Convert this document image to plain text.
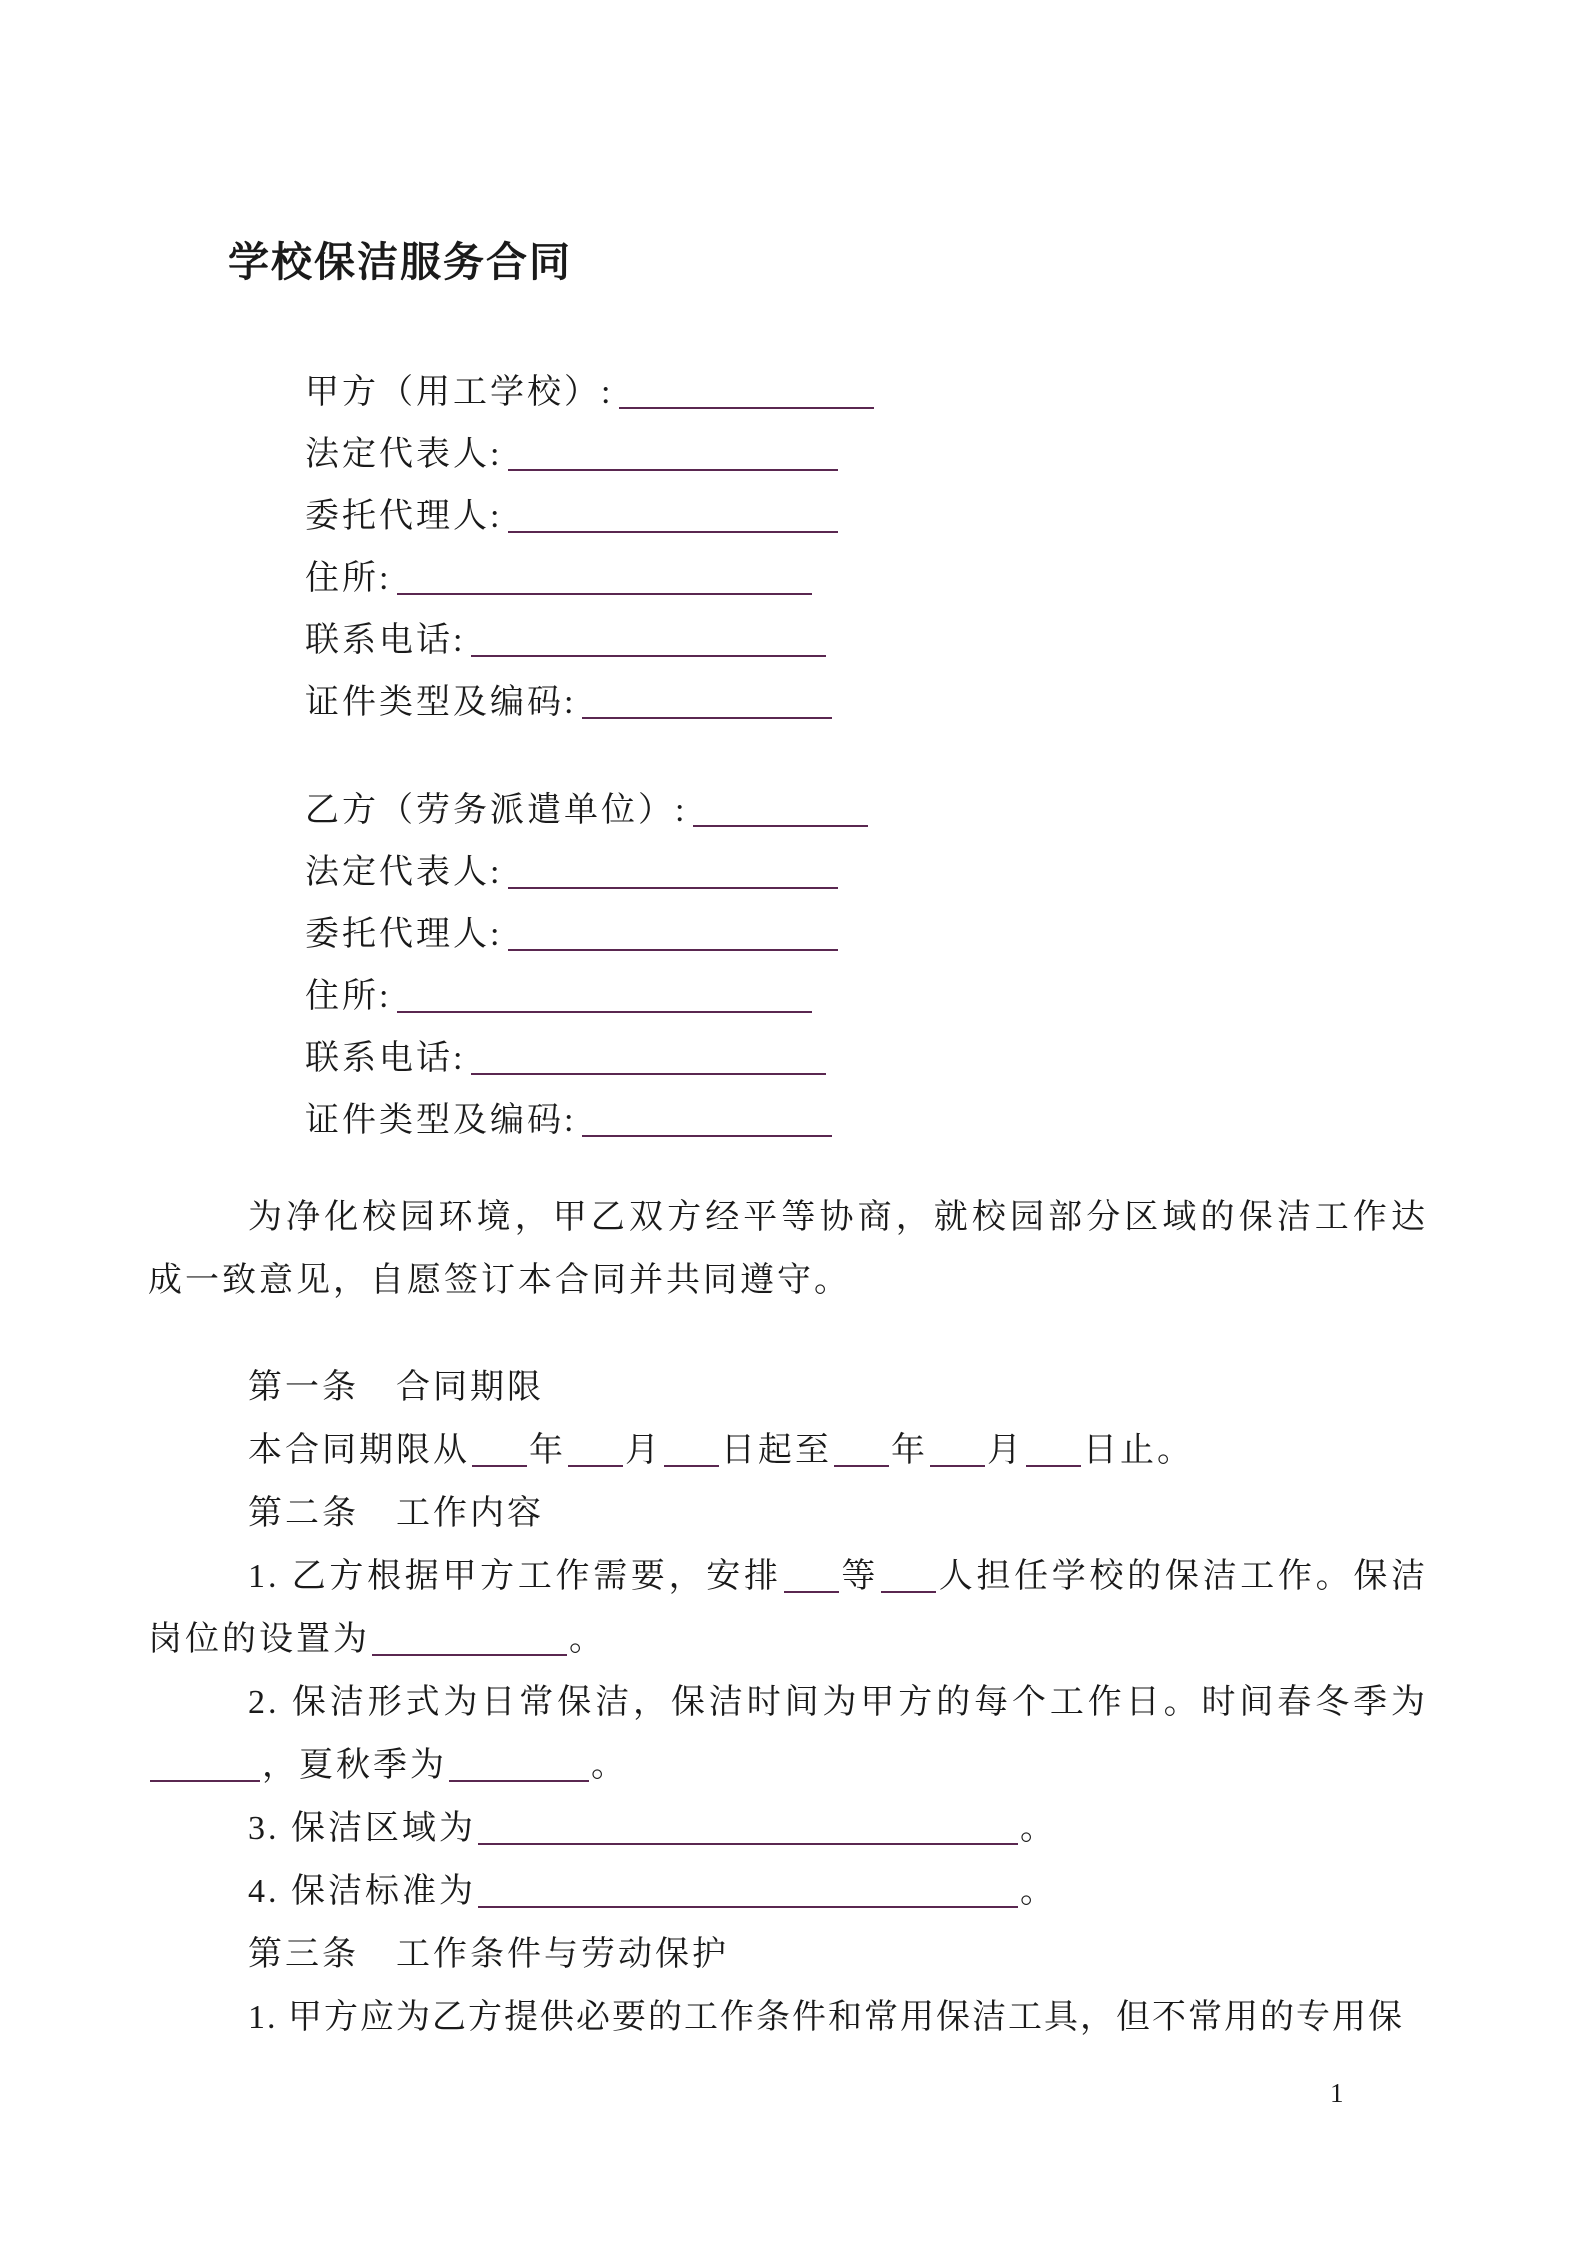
学校保洁服务合同
甲方（用工学校）:
法定代表人:
委托代理人:
住所:
联系电话:
证件类型及编码:
乙方（劳务派遣单位）:
法定代表人:
委托代理人:
住所:
联系电话:
证件类型及编码:

为净化校园环境，甲乙双方经平等协商，就校园部分区域的保洁工作达成一致意见，自愿签订本合同并共同遵守。

第一条　合同期限

本合同期限从 年 月 日起至 年 月 日止。

第二条　工作内容

1. 乙方根据甲方工作需要，安排 等 人担任学校的保洁工作。保洁岗位的设置为	。

2. 保洁形式为日常保洁，保洁时间为甲方的每个工作日。时间春冬季为，夏秋季为	。

3. 保洁区域为	。

4. 保洁标准为	。

第三条　工作条件与劳动保护

1. 甲方应为乙方提供必要的工作条件和常用保洁工具，但不常用的专用保

1
